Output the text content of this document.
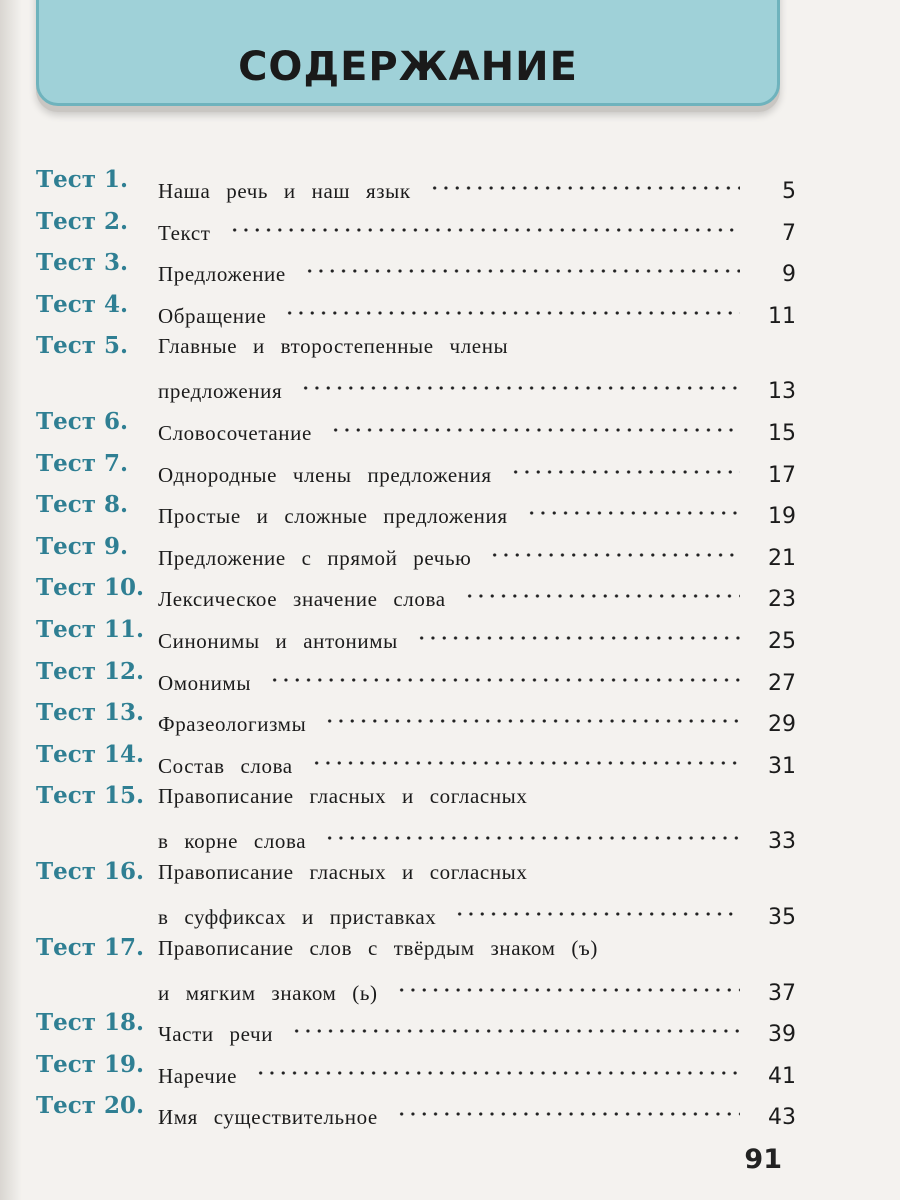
СОДЕРЖАНИЕ
Тест 1.	Наша речь и наш язык	5
Тест 2.	Текст	7
Тест 3.	Предложение	9
Тест 4.	Обращение	11
Тест 5.	Главные и второстепенные члены
предложения	13
Тест 6.	Словосочетание	15
Тест 7.	Однородные члены предложения	17
Тест 8.	Простые и сложные предложения	19
Тест 9.	Предложение с прямой речью	21
Тест 10. Лексическое значение слова	23
Тест 11. Синонимы и антонимы	25
Тест 12. Омонимы	27
Тест 13. Фразеологизмы	29
Тест 14. Состав слова	31
Тест 15. Правописание гласных и согласных
в корне слова	33
Тест 16. Правописание гласных и согласных
в суффиксах и приставках	35
Тест 17. Правописание слов с твёрдым знаком (ъ)
и мягким знаком (ь)	37
Тест 18. Части речи	39
Тест 19. Наречие	41
Тест 20. Имя существительное	43
91
